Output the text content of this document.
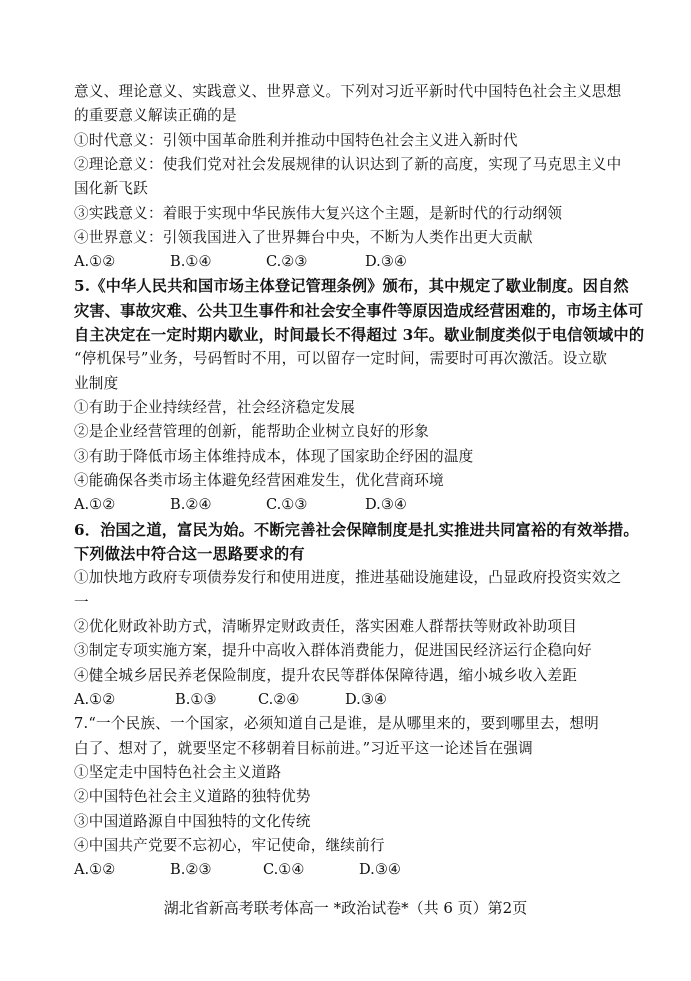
意义、理论意义、实践意义、世界意义。下列对习近平新时代中国特色社会主义思想
的重要意义解读正确的是
①时代意义：引领中国革命胜利并推动中国特色社会主义进入新时代
②理论意义：使我们党对社会发展规律的认识达到了新的高度，实现了马克思主义中
国化新飞跃
③实践意义：着眼于实现中华民族伟大复兴这个主题，是新时代的行动纲领
④世界意义：引领我国进入了世界舞台中央，不断为人类作出更大贡献
A.①②	B.①④	C.②③	D.③④
5.《中华人民共和国市场主体登记管理条例》颁布，其中规定了歇业制度。因自然
灾害、事故灾难、公共卫生事件和社会安全事件等原因造成经营困难的，市场主体可
自主决定在一定时期内歇业，时间最长不得超过 3年。歇业制度类似于电信领域中的
“停机保号”业务，号码暂时不用，可以留存一定时间，需要时可再次激活。设立歇
业制度
①有助于企业持续经营，社会经济稳定发展
②是企业经营管理的创新，能帮助企业树立良好的形象
③有助于降低市场主体维持成本，体现了国家助企纾困的温度
④能确保各类市场主体避免经营困难发生，优化营商环境
A.①②	B.②④	C.①③	D.③④
6．治国之道，富民为始。不断完善社会保障制度是扎实推进共同富裕的有效举措。
下列做法中符合这一思路要求的有
①加快地方政府专项债券发行和使用进度，推进基础设施建设，凸显政府投资实效之
一
②优化财政补助方式，清晰界定财政责任，落实困难人群帮扶等财政补助项目
③制定专项实施方案，提升中高收入群体消费能力，促进国民经济运行企稳向好
④健全城乡居民养老保险制度，提升农民等群体保障待遇，缩小城乡收入差距
A.①②	B.①③	C.②④	D.③④
7.“一个民族、一个国家，必须知道自己是谁，是从哪里来的，要到哪里去，想明
白了、想对了，就要坚定不移朝着目标前进。”习近平这一论述旨在强调
①坚定走中国特色社会主义道路
②中国特色社会主义道路的独特优势
③中国道路源自中国独特的文化传统
④中国共产党要不忘初心，牢记使命，继续前行
A.①②	B.②③	C.①④	D.③④
湖北省新高考联考体高一 *政治试卷*（共 6 页）第2页
